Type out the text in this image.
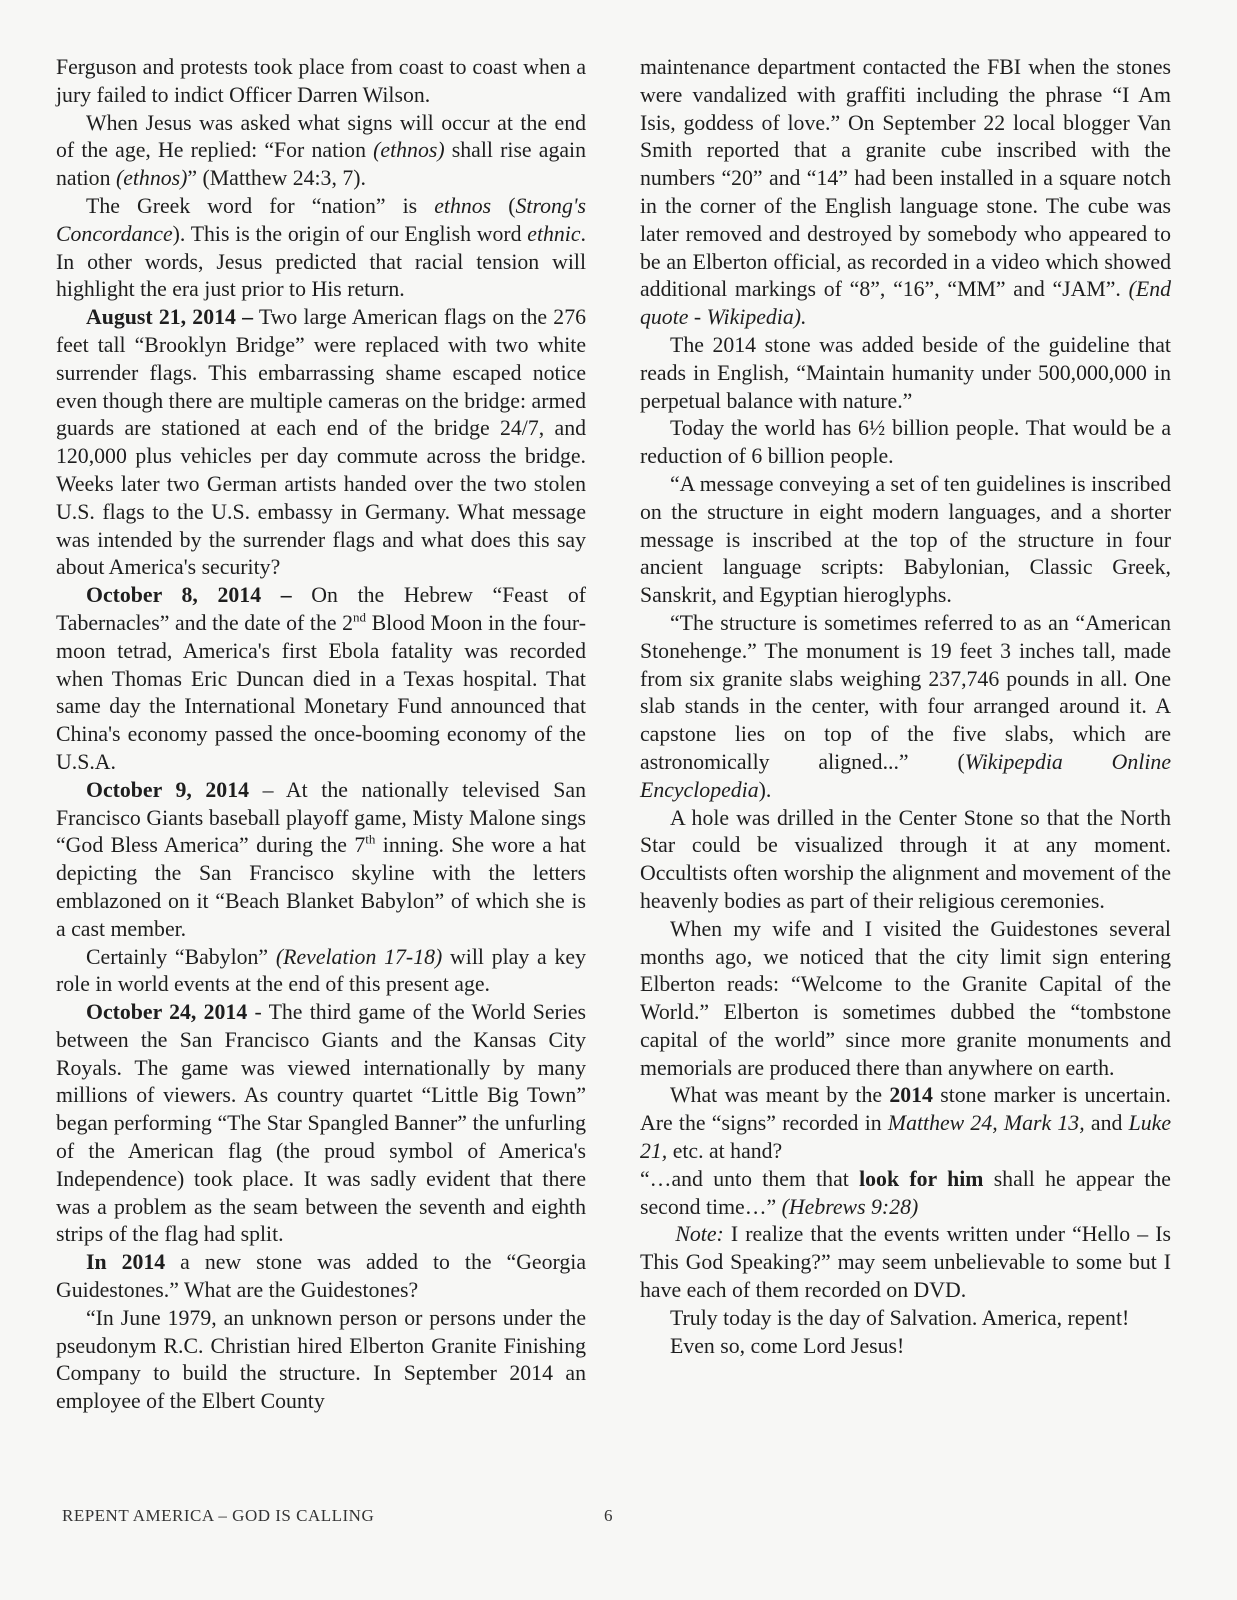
Ferguson and protests took place from coast to coast when a jury failed to indict Officer Darren Wilson.

When Jesus was asked what signs will occur at the end of the age, He replied: “For nation (ethnos) shall rise again nation (ethnos)” (Matthew 24:3, 7).

The Greek word for “nation” is ethnos (Strong's Concordance). This is the origin of our English word ethnic. In other words, Jesus predicted that racial tension will highlight the era just prior to His return.

August 21, 2014 – Two large American flags on the 276 feet tall “Brooklyn Bridge” were replaced with two white surrender flags. This embarrassing shame escaped notice even though there are multiple cameras on the bridge: armed guards are stationed at each end of the bridge 24/7, and 120,000 plus vehicles per day commute across the bridge. Weeks later two German artists handed over the two stolen U.S. flags to the U.S. embassy in Germany. What message was intended by the surrender flags and what does this say about America's security?

October 8, 2014 – On the Hebrew “Feast of Tabernacles” and the date of the 2nd Blood Moon in the four-moon tetrad, America's first Ebola fatality was recorded when Thomas Eric Duncan died in a Texas hospital. That same day the International Monetary Fund announced that China's economy passed the once-booming economy of the U.S.A.

October 9, 2014 – At the nationally televised San Francisco Giants baseball playoff game, Misty Malone sings “God Bless America” during the 7th inning. She wore a hat depicting the San Francisco skyline with the letters emblazoned on it “Beach Blanket Babylon” of which she is a cast member.

Certainly “Babylon” (Revelation 17-18) will play a key role in world events at the end of this present age.

October 24, 2014 - The third game of the World Series between the San Francisco Giants and the Kansas City Royals. The game was viewed internationally by many millions of viewers. As country quartet “Little Big Town” began performing “The Star Spangled Banner” the unfurling of the American flag (the proud symbol of America's Independence) took place. It was sadly evident that there was a problem as the seam between the seventh and eighth strips of the flag had split.

In 2014 a new stone was added to the “Georgia Guidestones.” What are the Guidestones?

“In June 1979, an unknown person or persons under the pseudonym R.C. Christian hired Elberton Granite Finishing Company to build the structure. In September 2014 an employee of the Elbert County

maintenance department contacted the FBI when the stones were vandalized with graffiti including the phrase “I Am Isis, goddess of love.” On September 22 local blogger Van Smith reported that a granite cube inscribed with the numbers “20” and “14” had been installed in a square notch in the corner of the English language stone. The cube was later removed and destroyed by somebody who appeared to be an Elberton official, as recorded in a video which showed additional markings of “8”, “16”, “MM” and “JAM”. (End quote - Wikipedia).

The 2014 stone was added beside of the guideline that reads in English, “Maintain humanity under 500,000,000 in perpetual balance with nature.”

Today the world has 6½ billion people. That would be a reduction of 6 billion people.

“A message conveying a set of ten guidelines is inscribed on the structure in eight modern languages, and a shorter message is inscribed at the top of the structure in four ancient language scripts: Babylonian, Classic Greek, Sanskrit, and Egyptian hieroglyphs.

“The structure is sometimes referred to as an “American Stonehenge.” The monument is 19 feet 3 inches tall, made from six granite slabs weighing 237,746 pounds in all. One slab stands in the center, with four arranged around it. A capstone lies on top of the five slabs, which are astronomically aligned...” (Wikipepdia Online Encyclopedia).

A hole was drilled in the Center Stone so that the North Star could be visualized through it at any moment. Occultists often worship the alignment and movement of the heavenly bodies as part of their religious ceremonies.

When my wife and I visited the Guidestones several months ago, we noticed that the city limit sign entering Elberton reads: “Welcome to the Granite Capital of the World.” Elberton is sometimes dubbed the “tombstone capital of the world” since more granite monuments and memorials are produced there than anywhere on earth.

What was meant by the 2014 stone marker is uncertain. Are the “signs” recorded in Matthew 24, Mark 13, and Luke 21, etc. at hand?

“…and unto them that look for him shall he appear the second time…” (Hebrews 9:28)

Note: I realize that the events written under “Hello – Is This God Speaking?” may seem unbelievable to some but I have each of them recorded on DVD.

Truly today is the day of Salvation. America, repent!

Even so, come Lord Jesus!

REPENT AMERICA – GOD IS CALLING	6
